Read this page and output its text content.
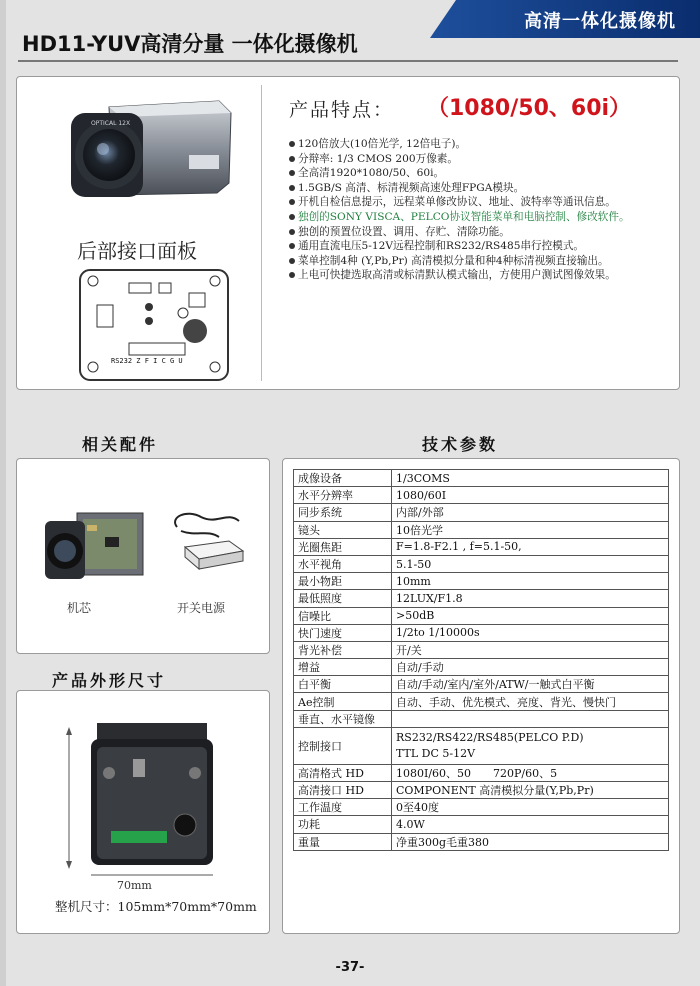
高清一体化摄像机
HD11-YUV高清分量 一体化摄像机
OPTICAL 12X
后部接口面板
RS232 Z F I C G U
产品特点： （1080/50、60i）
120倍放大(10倍光学, 12倍电子)。
分辩率: 1/3 CMOS 200万像素。
全高清1920*1080/50、60i。
1.5GB/S 高清、标清视频高速处理FPGA模块。
开机自检信息提示，远程菜单修改协议、地址、波特率等通讯信息。
独创的SONY VISCA、PELCO协议智能菜单和电脑控制、修改软件。
独创的预置位设置、调用、存贮、清除功能。
通用直流电压5-12V远程控制和RS232/RS485串行控模式。
菜单控制4种 (Y,Pb,Pr) 高清模拟分量和种4种标清视频直接输出。
上电可快捷选取高清或标清默认模式输出，方使用户测试图像效果。
相关配件	技术参数
机芯	开关电源
产品外形尺寸
70mm
整机尺寸：105mm*70mm*70mm
成像设备	1/3COMS
水平分辨率	1080/60I
同步系统	内部/外部
镜头	10倍光学
光圈焦距	F=1.8-F2.1 , f=5.1-50,
水平视角	5.1-50
最小物距	10mm
最低照度	12LUX/F1.8
信噪比	>50dB
快门速度	1/2to 1/10000s
背光补偿	开/关
增益	自动/手动
白平衡	自动/手动/室内/室外/ATW/一触式白平衡
Ae控制	自动、手动、优先模式、亮度、背光、慢快门
垂直、水平镜像	
控制接口	RS232/RS422/RS485(PELCO P.D)
TTL DC 5-12V

高清格式 HD	1080I/60、50　　720P/60、5
高清接口 HD	COMPONENT 高清模拟分量(Y,Pb,Pr)
工作温度	0至40度
功耗	4.0W
重量	净重300g毛重380
-37-
